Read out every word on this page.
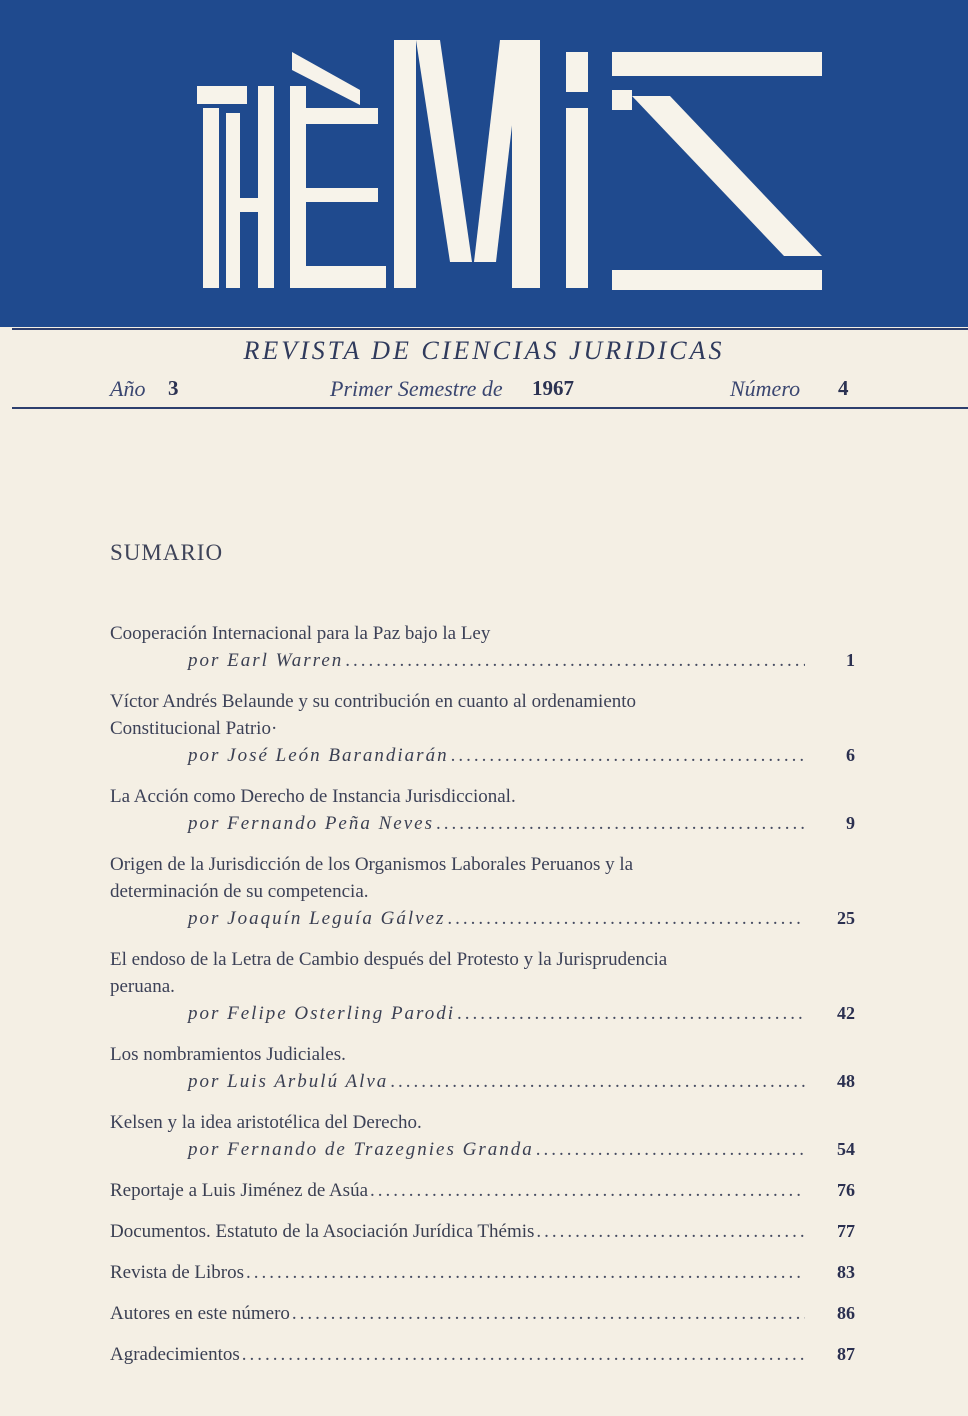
REVISTA DE CIENCIAS JURIDICAS
Año 3	Primer Semestre de 1967	Número 4
SUMARIO
Cooperación Internacional para la Paz bajo la Ley
por Earl Warren .....	1
Víctor Andrés Belaunde y su contribución en cuanto al ordenamiento
Constitucional Patrio·
por José León Barandiarán .....	6
La Acción como Derecho de Instancia Jurisdiccional.
por Fernando Peña Neves .....	9
Origen de la Jurisdicción de los Organismos Laborales Peruanos y la
determinación de su competencia.
por Joaquín Leguía Gálvez .....	25
El endoso de la Letra de Cambio después del Protesto y la Jurisprudencia
peruana.
por Felipe Osterling Parodi .....	42
Los nombramientos Judiciales.
por Luis Arbulú Alva .....	48
Kelsen y la idea aristotélica del Derecho.
por Fernando de Trazegnies Granda .....	54
Reportaje a Luis Jiménez de Asúa .....	76
Documentos. Estatuto de la Asociación Jurídica Thémis .....	77
Revista de Libros .....	83
Autores en este número .....	86
Agradecimientos .....	87
